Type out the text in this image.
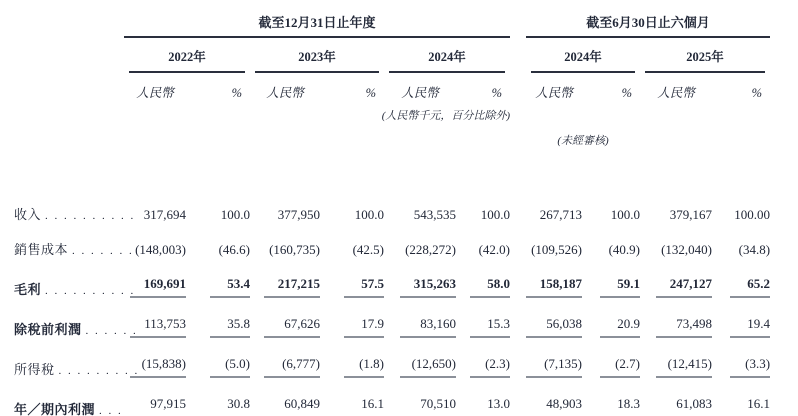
	截至12月31日止年度							截至6月30日止六個月			

	2022年		2023年		2024年			2024年		2025年	

	人民幣	%	人民幣	%	人民幣	%		人民幣	%	人民幣	%
				(人民幣千元，百分比除外)							
								(未經審核)			

收入 . . . . . . . . . .	317,694	100.0	377,950	100.0	543,535	100.0		267,713	100.0	379,167	100.00
銷售成本 . . . . . . .	(148,003)	(46.6)	(160,735)	(42.5)	(228,272)	(42.0)		(109,526)	(40.9)	(132,040)	(34.8)
毛利 . . . . . . . . . .	169,691	53.4	217,215	57.5	315,263	58.0		158,187	59.1	247,127	65.2
除稅前利潤 . . . . . .	113,753	35.8	67,626	17.9	83,160	15.3		56,038	20.9	73,498	19.4
所得稅 . . . . . . . . .	(15,838)	(5.0)	(6,777)	(1.8)	(12,650)	(2.3)		(7,135)	(2.7)	(12,415)	(3.3)
年／期內利潤 . . .	97,915	30.8	60,849	16.1	70,510	13.0		48,903	18.3	61,083	16.1
